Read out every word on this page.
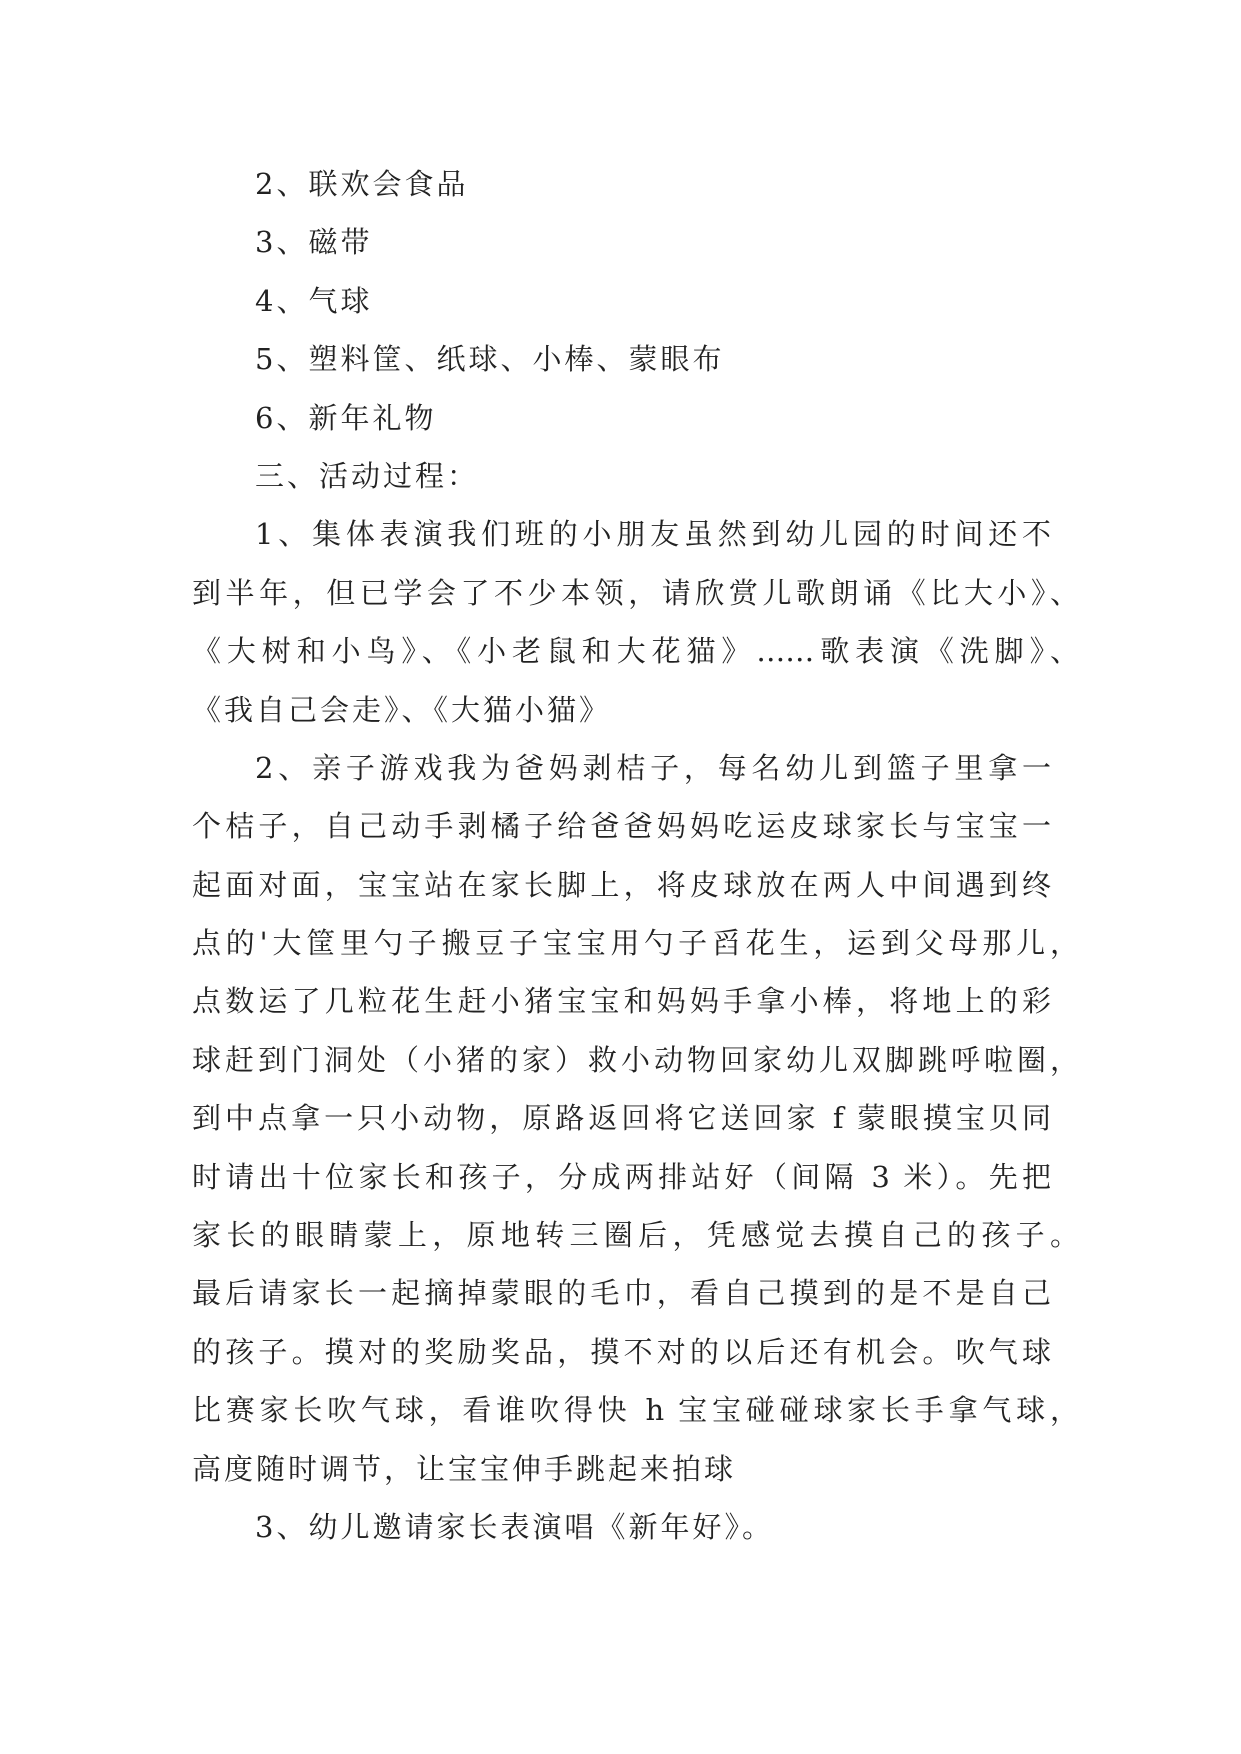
2、联欢会食品
3、磁带
4、气球
5、塑料筐、纸球、小棒、蒙眼布
6、新年礼物
三、活动过程：
1、集体表演我们班的小朋友虽然到幼儿园的时间还不
到半年，但已学会了不少本领，请欣赏儿歌朗诵《比大小》、
《大树和小鸟》、《小老鼠和大花猫》……歌表演《洗脚》、
《我自己会走》、《大猫小猫》
2、亲子游戏我为爸妈剥桔子，每名幼儿到篮子里拿一
个桔子，自己动手剥橘子给爸爸妈妈吃运皮球家长与宝宝一
起面对面，宝宝站在家长脚上，将皮球放在两人中间遇到终
点的'大筐里勺子搬豆子宝宝用勺子舀花生，运到父母那儿，
点数运了几粒花生赶小猪宝宝和妈妈手拿小棒，将地上的彩
球赶到门洞处（小猪的家）救小动物回家幼儿双脚跳呼啦圈，
到中点拿一只小动物，原路返回将它送回家 f 蒙眼摸宝贝同
时请出十位家长和孩子，分成两排站好（间隔 3 米）。先把
家长的眼睛蒙上，原地转三圈后，凭感觉去摸自己的孩子。
最后请家长一起摘掉蒙眼的毛巾，看自己摸到的是不是自己
的孩子。摸对的奖励奖品，摸不对的以后还有机会。吹气球
比赛家长吹气球，看谁吹得快 h 宝宝碰碰球家长手拿气球，
高度随时调节，让宝宝伸手跳起来拍球
3、幼儿邀请家长表演唱《新年好》。
